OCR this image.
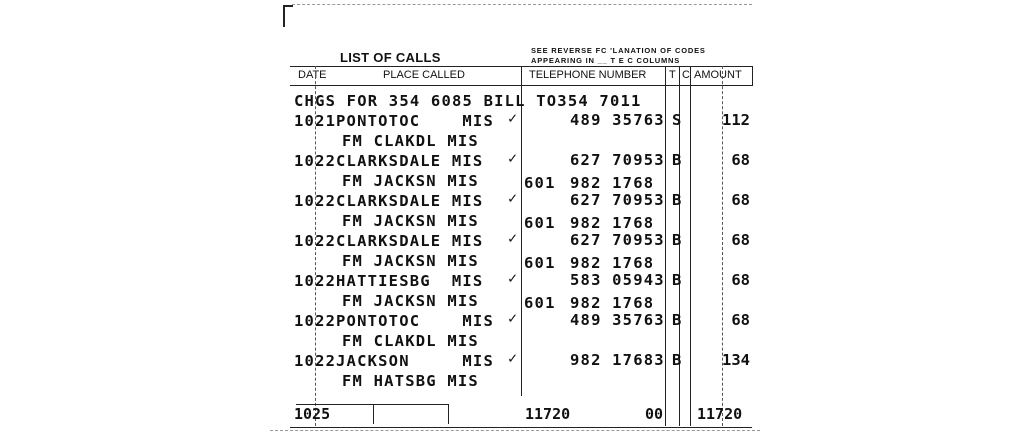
LIST OF CALLS	SEE REVERSE FC 'LANATION OF CODES
APPEARING IN __ T E C COLUMNS
DATE	PLACE CALLED	TELEPHONE NUMBER T C AMOUNT
CHGS FOR 354 6085 BILL TO354 7011
1021 PONTOTOC    MIS	489 35763 S	112
✓
FM CLAKDL MIS
1022 CLARKSDALE MIS	627 70953 B	68
✓
FM JACKSN MIS	601 982 1768
1022 CLARKSDALE MIS	627 70953 B	68
✓
FM JACKSN MIS	601 982 1768
1022 CLARKSDALE MIS	627 70953 B	68
✓
FM JACKSN MIS	601 982 1768
1022 HATTIESBG  MIS	583 05943 B	68
✓
FM JACKSN MIS	601 982 1768
1022 PONTOTOC    MIS	489 35763 B	68
✓
FM CLAKDL MIS
1022 JACKSON     MIS	982 17683 B	134
✓
FM HATSBG MIS
1025	11720	00 11720
